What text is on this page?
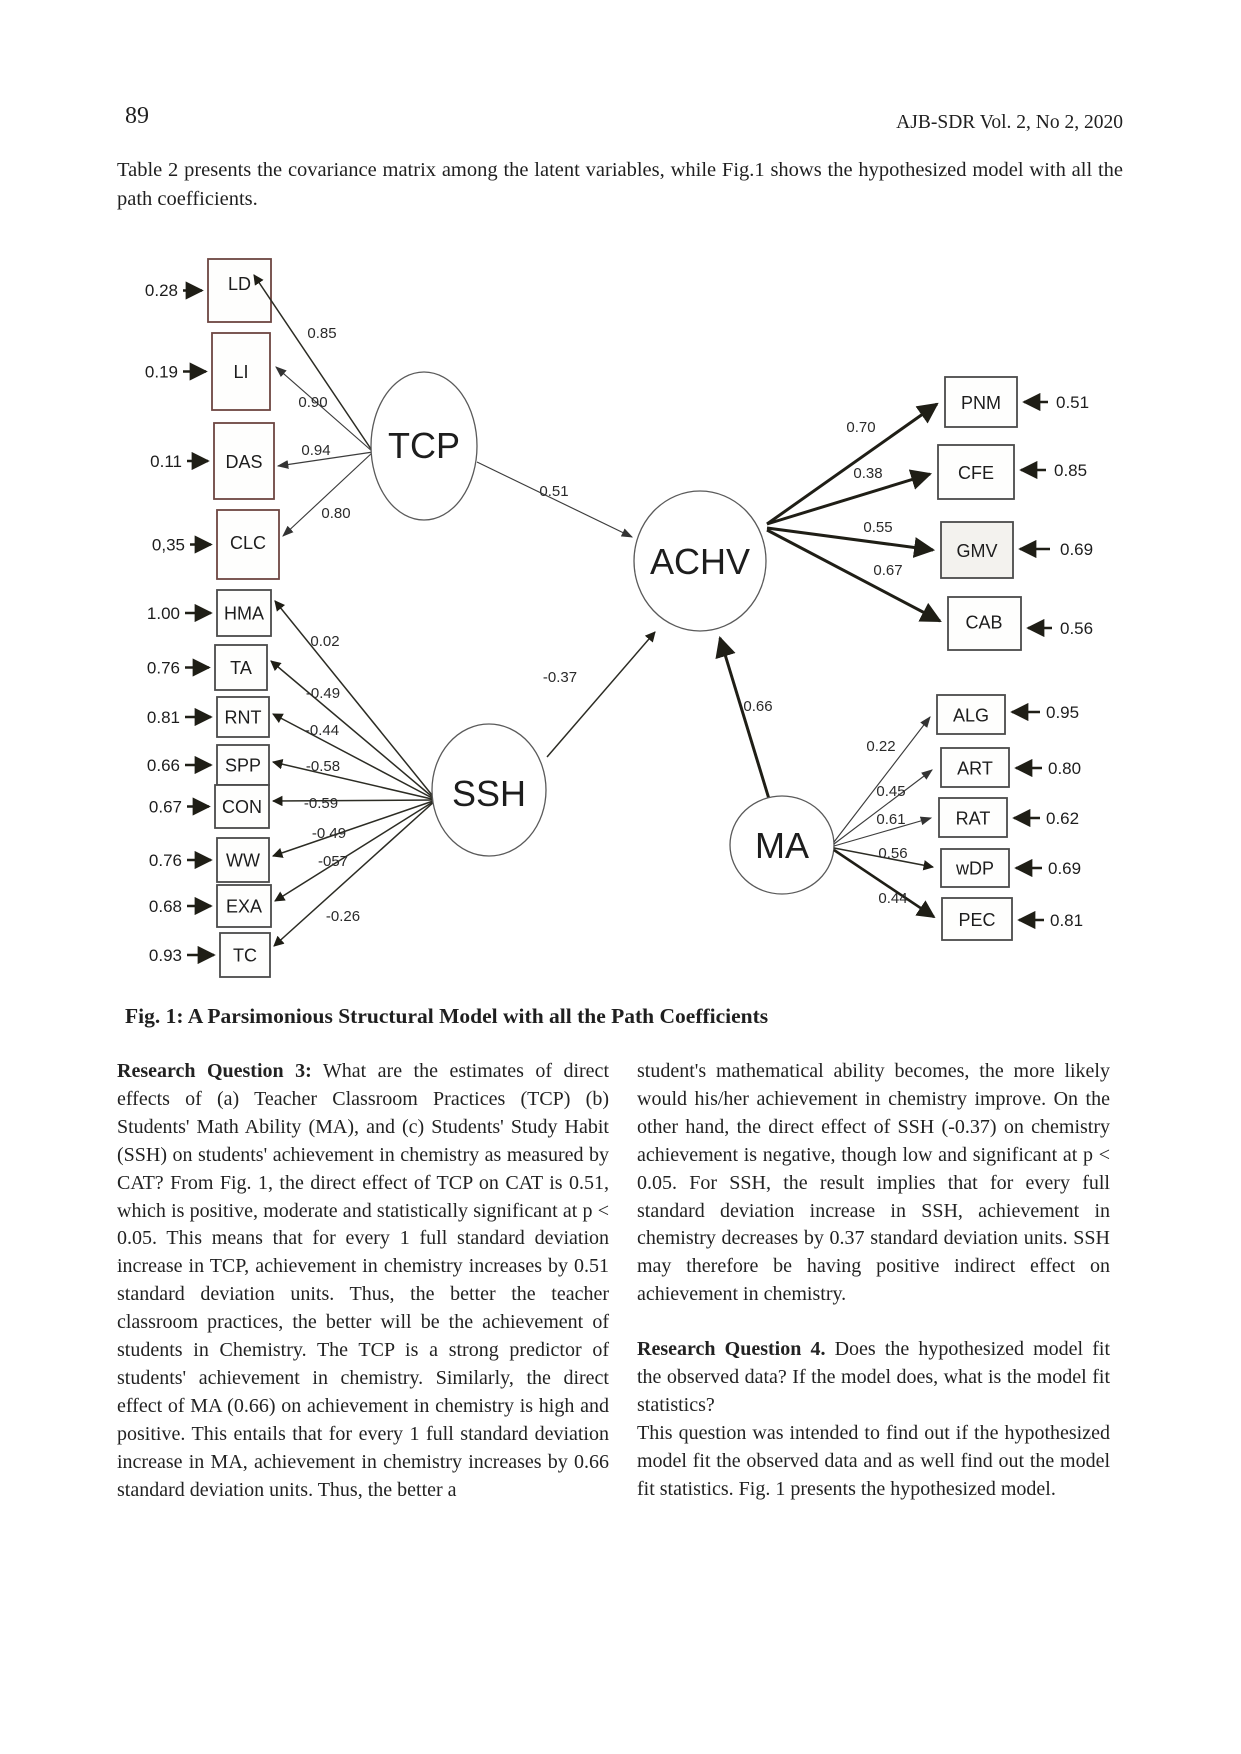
89	AJB-SDR Vol. 2, No 2, 2020
Table 2 presents the covariance matrix among the latent variables, while Fig.1 shows the hypothesized model with all the path coefficients.
0.28	LD
0.19	LI
0.11 DAS
0,35 CLC
0.85
0.90
0.94
0.80
1.00 HMA
0.76	TA
0.81 RNT
0.66 SPP
0.67 CON
0.76 WW
0.68 EXA
0.93	TC
0.02
-0.49
-0.44
-0.58
-0.59
-0.49
-057
-0.26
0.51
-0.37
0.66
TCP
ACHV
SSH
MA
0.70
0.38
0.55
0.67
PNM	0.51
CFE	0.85
GMV	0.69
CAB	0.56
0.22
0.45
0.61
0.56
0.44
ALG	0.95
ART	0.80
RAT	0.62
wDP	0.69
PEC	0.81
Fig. 1: A Parsimonious Structural Model with all the Path Coefficients

Research Question 3: What are the estimates of direct effects of (a) Teacher Classroom Practices (TCP) (b) Students' Math Ability (MA), and (c) Students' Study Habit (SSH) on students' achievement in chemistry as measured by CAT? From Fig. 1, the direct effect of TCP on CAT is 0.51, which is positive, moderate and statistically significant at p < 0.05. This means that for every 1 full standard deviation increase in TCP, achievement in chemistry increases by 0.51 standard deviation units. Thus, the better the teacher classroom practices, the better will be the achievement of students in Chemistry. The TCP is a strong predictor of students' achievement in chemistry. Similarly, the direct effect of MA (0.66) on achievement in chemistry is high and positive. This entails that for every 1 full standard deviation increase in MA, achievement in chemistry increases by 0.66 standard deviation units. Thus, the better a

student's mathematical ability becomes, the more likely would his/her achievement in chemistry improve. On the other hand, the direct effect of SSH (-0.37) on chemistry achievement is negative, though low and significant at p < 0.05. For SSH, the result implies that for every full standard deviation increase in SSH, achievement in chemistry decreases by 0.37 standard deviation units. SSH may therefore be having positive indirect effect on achievement in chemistry.

Research Question 4. Does the hypothesized model fit the observed data? If the model does, what is the model fit statistics?
This question was intended to find out if the hypothesized model fit the observed data and as well find out the model fit statistics. Fig. 1 presents the hypothesized model.
